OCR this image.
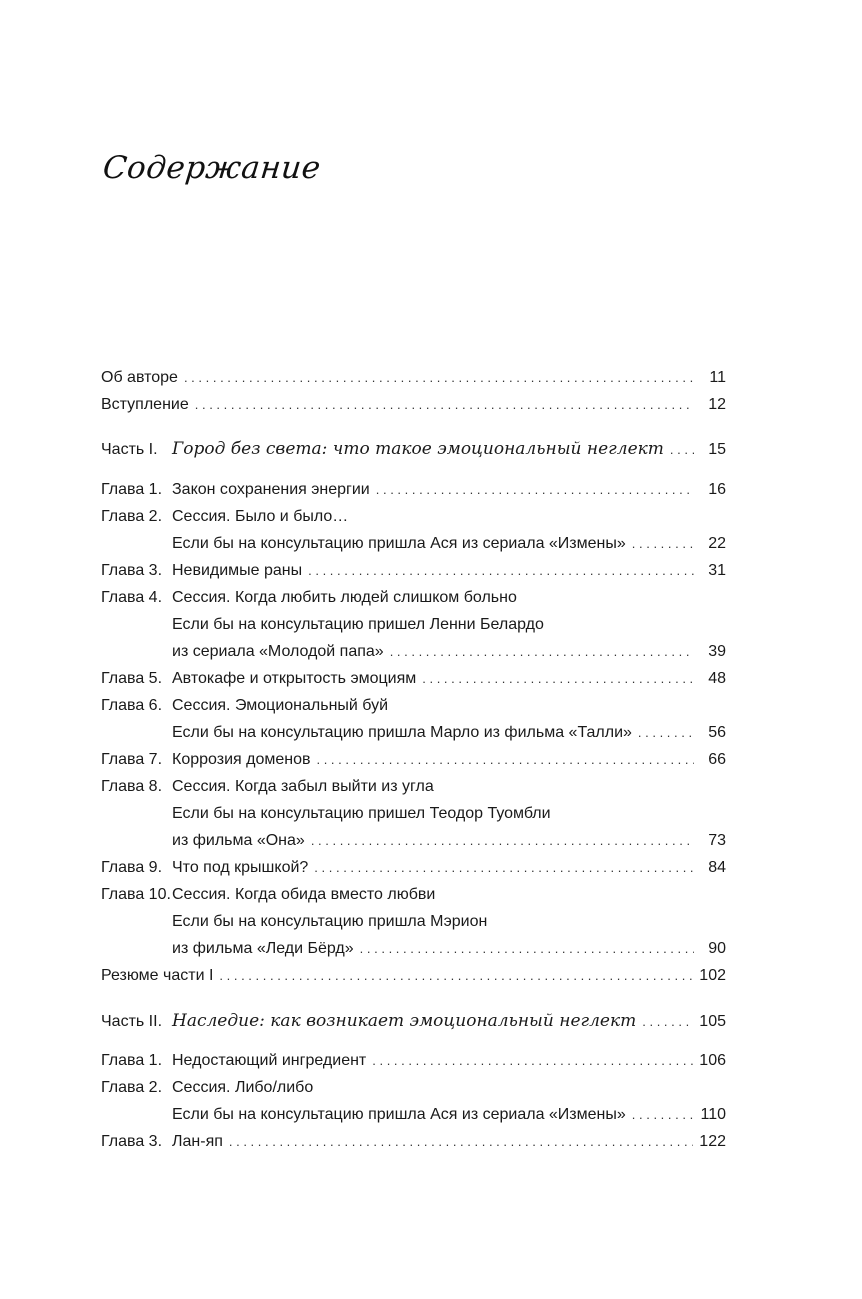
Содержание
Об авторе . . .	11
Вступление . . .	12
Часть I. Город без света: что такое эмоциональный неглект . . .	15
Глава 1. Закон сохранения энергии . . .	16
Глава 2. Сессия. Было и было…
Если бы на консультацию пришла Ася из сериала «Измены» . . .	22
Глава 3. Невидимые раны . . .	31
Глава 4. Сессия. Когда любить людей слишком больно
Если бы на консультацию пришел Ленни Белардо
из сериала «Молодой папа» . . .	39
Глава 5. Автокафе и открытость эмоциям . . .	48
Глава 6. Сессия. Эмоциональный буй
Если бы на консультацию пришла Марло из фильма «Талли» . . .	56
Глава 7. Коррозия доменов . . .	66
Глава 8. Сессия. Когда забыл выйти из угла
Если бы на консультацию пришел Теодор Туомбли
из фильма «Она» . . .	73
Глава 9. Что под крышкой? . . .	84
Глава 10. Сессия. Когда обида вместо любви
Если бы на консультацию пришла Мэрион
из фильма «Леди Бёрд» . . .	90
Резюме части I . . .	102
Часть II. Наследие: как возникает эмоциональный неглект . . .	105
Глава 1. Недостающий ингредиент . . .	106
Глава 2. Сессия. Либо/либо
Если бы на консультацию пришла Ася из сериала «Измены» . . .	110
Глава 3. Лан-яп . . .	122
